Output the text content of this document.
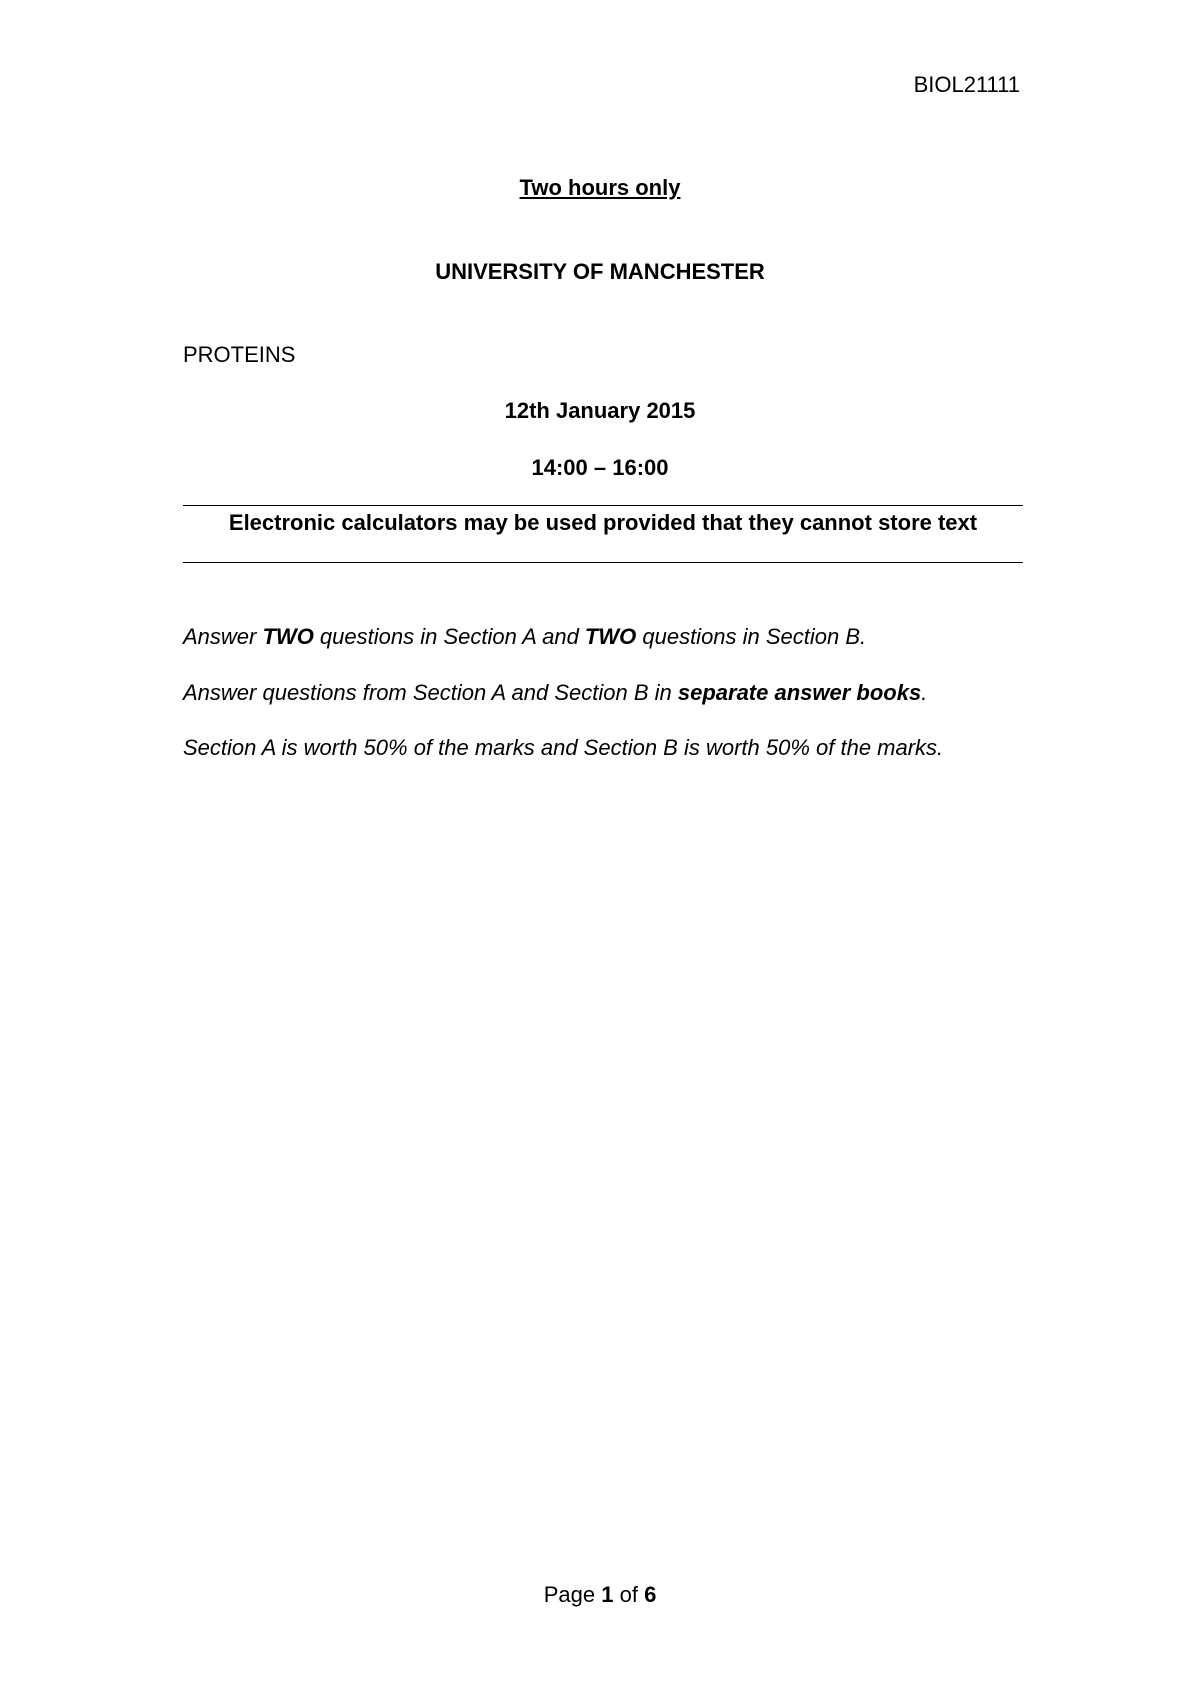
BIOL21111
Two hours only
UNIVERSITY OF MANCHESTER
PROTEINS
12th January 2015
14:00 – 16:00
Electronic calculators may be used provided that they cannot store text
Answer TWO questions in Section A and TWO questions in Section B.
Answer questions from Section A and Section B in separate answer books.
Section A is worth 50% of the marks and Section B is worth 50% of the marks.
Page 1 of 6
